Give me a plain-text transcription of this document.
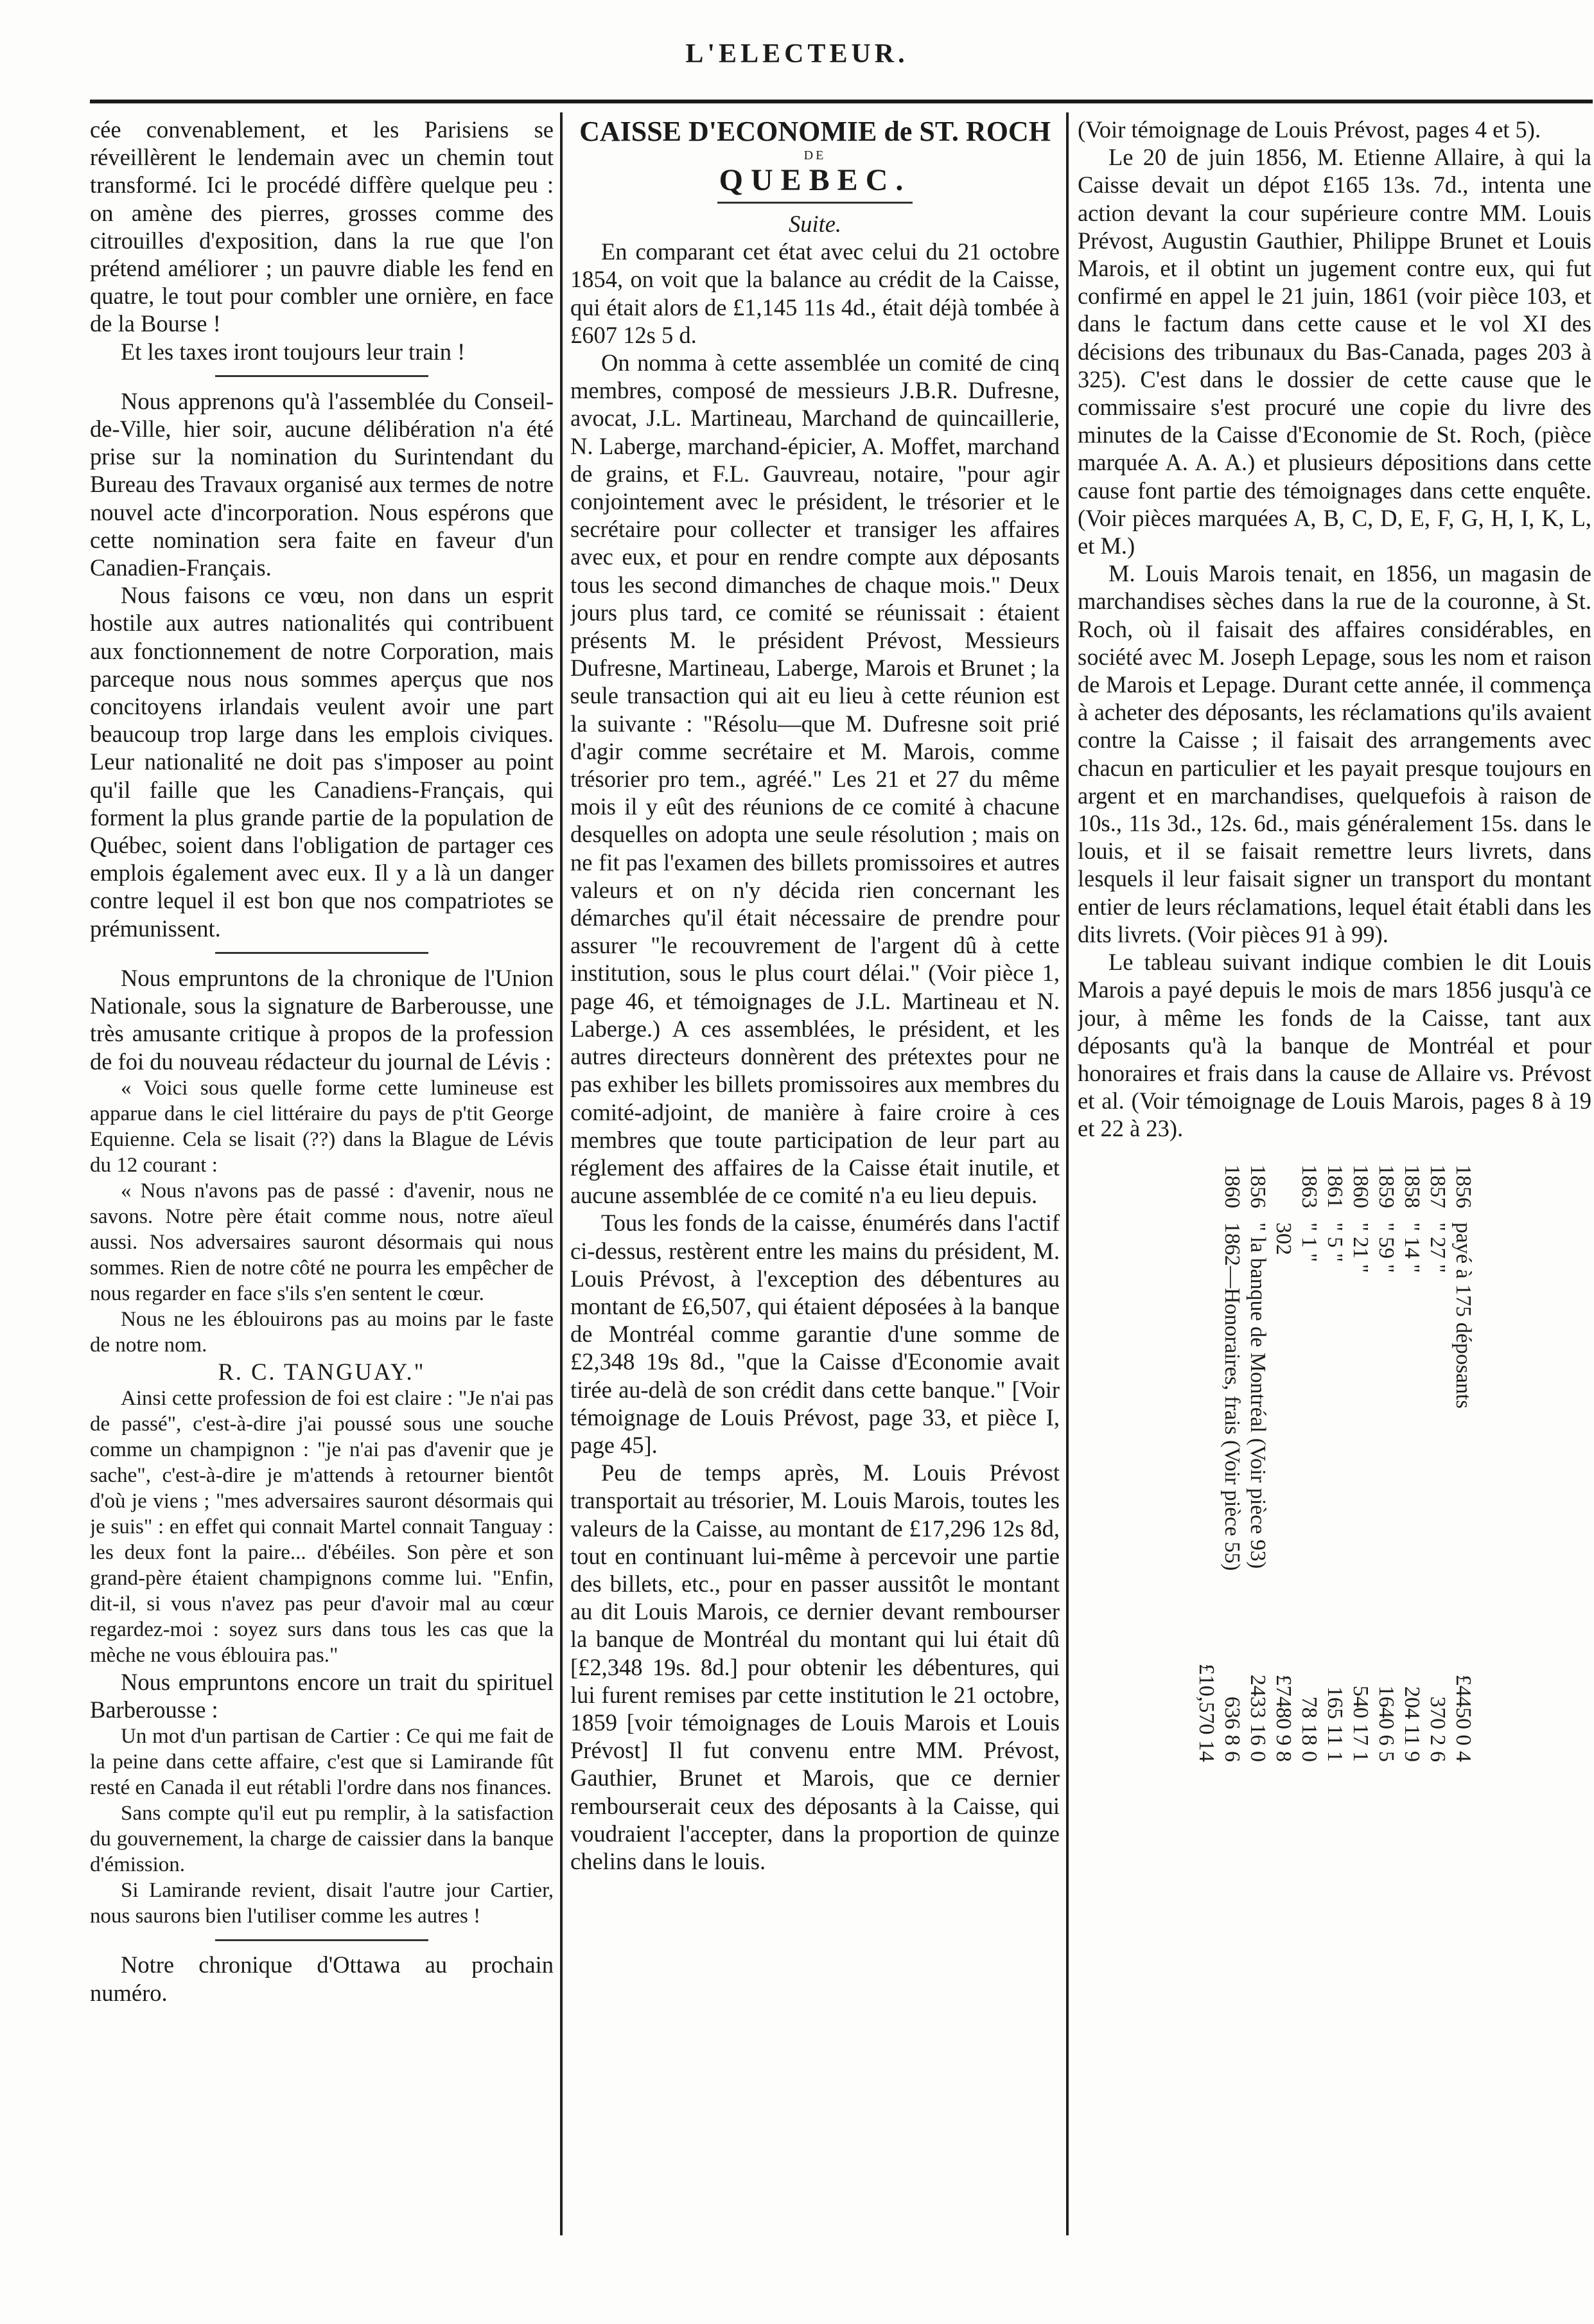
L'ELECTEUR.

cée convenablement, et les Parisiens se réveillèrent le lendemain avec un chemin tout transformé. Ici le procédé diffère quelque peu : on amène des pierres, grosses comme des citrouilles d'exposition, dans la rue que l'on prétend améliorer ; un pauvre diable les fend en quatre, le tout pour combler une ornière, en face de la Bourse !

Et les taxes iront toujours leur train !

Nous apprenons qu'à l'assemblée du Conseil-de-Ville, hier soir, aucune délibération n'a été prise sur la nomination du Surintendant du Bureau des Travaux organisé aux termes de notre nouvel acte d'incorporation. Nous espérons que cette nomination sera faite en faveur d'un Canadien-Français.

Nous faisons ce vœu, non dans un esprit hostile aux autres nationalités qui contribuent aux fonctionnement de notre Corporation, mais parceque nous nous sommes aperçus que nos concitoyens irlandais veulent avoir une part beaucoup trop large dans les emplois civiques. Leur nationalité ne doit pas s'imposer au point qu'il faille que les Canadiens-Français, qui forment la plus grande partie de la population de Québec, soient dans l'obligation de partager ces emplois également avec eux. Il y a là un danger contre lequel il est bon que nos compatriotes se prémunissent.

Nous empruntons de la chronique de l'Union Nationale, sous la signature de Barberousse, une très amusante critique à propos de la profession de foi du nouveau rédacteur du journal de Lévis :

« Voici sous quelle forme cette lumineuse est apparue dans le ciel littéraire du pays de p'tit George Equienne. Cela se lisait (??) dans la Blague de Lévis du 12 courant :

« Nous n'avons pas de passé : d'avenir, nous ne savons. Notre père était comme nous, notre aïeul aussi. Nos adversaires sauront désormais qui nous sommes. Rien de notre côté ne pourra les empêcher de nous regarder en face s'ils s'en sentent le cœur.

Nous ne les éblouirons pas au moins par le faste de notre nom.

R. C. TANGUAY."

Ainsi cette profession de foi est claire : "Je n'ai pas de passé", c'est-à-dire j'ai poussé sous une souche comme un champignon : "je n'ai pas d'avenir que je sache", c'est-à-dire je m'attends à retourner bientôt d'où je viens ; "mes adversaires sauront désormais qui je suis" : en effet qui connait Martel connait Tanguay : les deux font la paire... d'ébéiles. Son père et son grand-père étaient champignons comme lui. "Enfin, dit-il, si vous n'avez pas peur d'avoir mal au cœur regardez-moi : soyez surs dans tous les cas que la mèche ne vous éblouira pas."

Nous empruntons encore un trait du spirituel Barberousse :

Un mot d'un partisan de Cartier : Ce qui me fait de la peine dans cette affaire, c'est que si Lamirande fût resté en Canada il eut rétabli l'ordre dans nos finances.

Sans compte qu'il eut pu remplir, à la satisfaction du gouvernement, la charge de caissier dans la banque d'émission.

Si Lamirande revient, disait l'autre jour Cartier, nous saurons bien l'utiliser comme les autres !

Notre chronique d'Ottawa au prochain numéro.

CAISSE D'ECONOMIE de ST. ROCH

DE

QUEBEC.

Suite.

En comparant cet état avec celui du 21 octobre 1854, on voit que la balance au crédit de la Caisse, qui était alors de £1,145 11s 4d., était déjà tombée à £607 12s 5 d.

On nomma à cette assemblée un comité de cinq membres, composé de messieurs J.B.R. Dufresne, avocat, J.L. Martineau, Marchand de quincaillerie, N. Laberge, marchand-épicier, A. Moffet, marchand de grains, et F.L. Gauvreau, notaire, "pour agir conjointement avec le président, le trésorier et le secrétaire pour collecter et transiger les affaires avec eux, et pour en rendre compte aux déposants tous les second dimanches de chaque mois." Deux jours plus tard, ce comité se réunissait : étaient présents M. le président Prévost, Messieurs Dufresne, Martineau, Laberge, Marois et Brunet ; la seule transaction qui ait eu lieu à cette réunion est la suivante : "Résolu—que M. Dufresne soit prié d'agir comme secrétaire et M. Marois, comme trésorier pro tem., agréé." Les 21 et 27 du même mois il y eût des réunions de ce comité à chacune desquelles on adopta une seule résolution ; mais on ne fit pas l'examen des billets promissoires et autres valeurs et on n'y décida rien concernant les démarches qu'il était nécessaire de prendre pour assurer "le recouvrement de l'argent dû à cette institution, sous le plus court délai." (Voir pièce 1, page 46, et témoignages de J.L. Martineau et N. Laberge.) A ces assemblées, le président, et les autres directeurs donnèrent des prétextes pour ne pas exhiber les billets promissoires aux membres du comité-adjoint, de manière à faire croire à ces membres que toute participation de leur part au réglement des affaires de la Caisse était inutile, et aucune assemblée de ce comité n'a eu lieu depuis.

Tous les fonds de la caisse, énumérés dans l'actif ci-dessus, restèrent entre les mains du président, M. Louis Prévost, à l'exception des débentures au montant de £6,507, qui étaient déposées à la banque de Montréal comme garantie d'une somme de £2,348 19s 8d., "que la Caisse d'Economie avait tirée au-delà de son crédit dans cette banque." [Voir témoignage de Louis Prévost, page 33, et pièce I, page 45].

Peu de temps après, M. Louis Prévost transportait au trésorier, M. Louis Marois, toutes les valeurs de la Caisse, au montant de £17,296 12s 8d, tout en continuant lui-même à percevoir une partie des billets, etc., pour en passer aussitôt le montant au dit Louis Marois, ce dernier devant rembourser la banque de Montréal du montant qui lui était dû [£2,348 19s. 8d.] pour obtenir les débentures, qui lui furent remises par cette institution le 21 octobre, 1859 [voir témoignages de Louis Marois et Louis Prévost] Il fut convenu entre MM. Prévost, Gauthier, Brunet et Marois, que ce dernier rembourserait ceux des déposants à la Caisse, qui voudraient l'accepter, dans la proportion de quinze chelins dans le louis.

(Voir témoignage de Louis Prévost, pages 4 et 5).

Le 20 de juin 1856, M. Etienne Allaire, à qui la Caisse devait un dépot £165 13s. 7d., intenta une action devant la cour supérieure contre MM. Louis Prévost, Augustin Gauthier, Philippe Brunet et Louis Marois, et il obtint un jugement contre eux, qui fut confirmé en appel le 21 juin, 1861 (voir pièce 103, et dans le factum dans cette cause et le vol XI des décisions des tribunaux du Bas-Canada, pages 203 à 325). C'est dans le dossier de cette cause que le commissaire s'est procuré une copie du livre des minutes de la Caisse d'Economie de St. Roch, (pièce marquée A. A. A.) et plusieurs dépositions dans cette cause font partie des témoignages dans cette enquête. (Voir pièces marquées A, B, C, D, E, F, G, H, I, K, L, et M.)

M. Louis Marois tenait, en 1856, un magasin de marchandises sèches dans la rue de la couronne, à St. Roch, où il faisait des affaires considérables, en société avec M. Joseph Lepage, sous les nom et raison de Marois et Lepage. Durant cette année, il commença à acheter des déposants, les réclamations qu'ils avaient contre la Caisse ; il faisait des arrangements avec chacun en particulier et les payait presque toujours en argent et en marchandises, quelquefois à raison de 10s., 11s 3d., 12s. 6d., mais généralement 15s. dans le louis, et il se faisait remettre leurs livrets, dans lesquels il leur faisait signer un transport du montant entier de leurs réclamations, lequel était établi dans les dits livrets. (Voir pièces 91 à 99).

Le tableau suivant indique combien le dit Louis Marois a payé depuis le mois de mars 1856 jusqu'à ce jour, à même les fonds de la Caisse, tant aux déposants qu'à la banque de Montréal et pour honoraires et frais dans la cause de Allaire vs. Prévost et al. (Voir témoignage de Louis Marois, pages 8 à 19 et 22 à 23).

1856
payé à 175 déposants
£4450 0 4
1857
" 27 "
370 2 6
1858
" 14 "
204 11 9
1859
" 59 "
1640 6 5
1860
" 21 "
540 17 1
1861
" 5 "
165 11 1
1863
" 1 "
78 18 0
302
£7480 9 8
1856
" la banque de Montréal (Voir pièce 93)
2433 16 0
1860
1862—Honoraires, frais (Voir pièce 55)
636 8 6
£10,570 14
